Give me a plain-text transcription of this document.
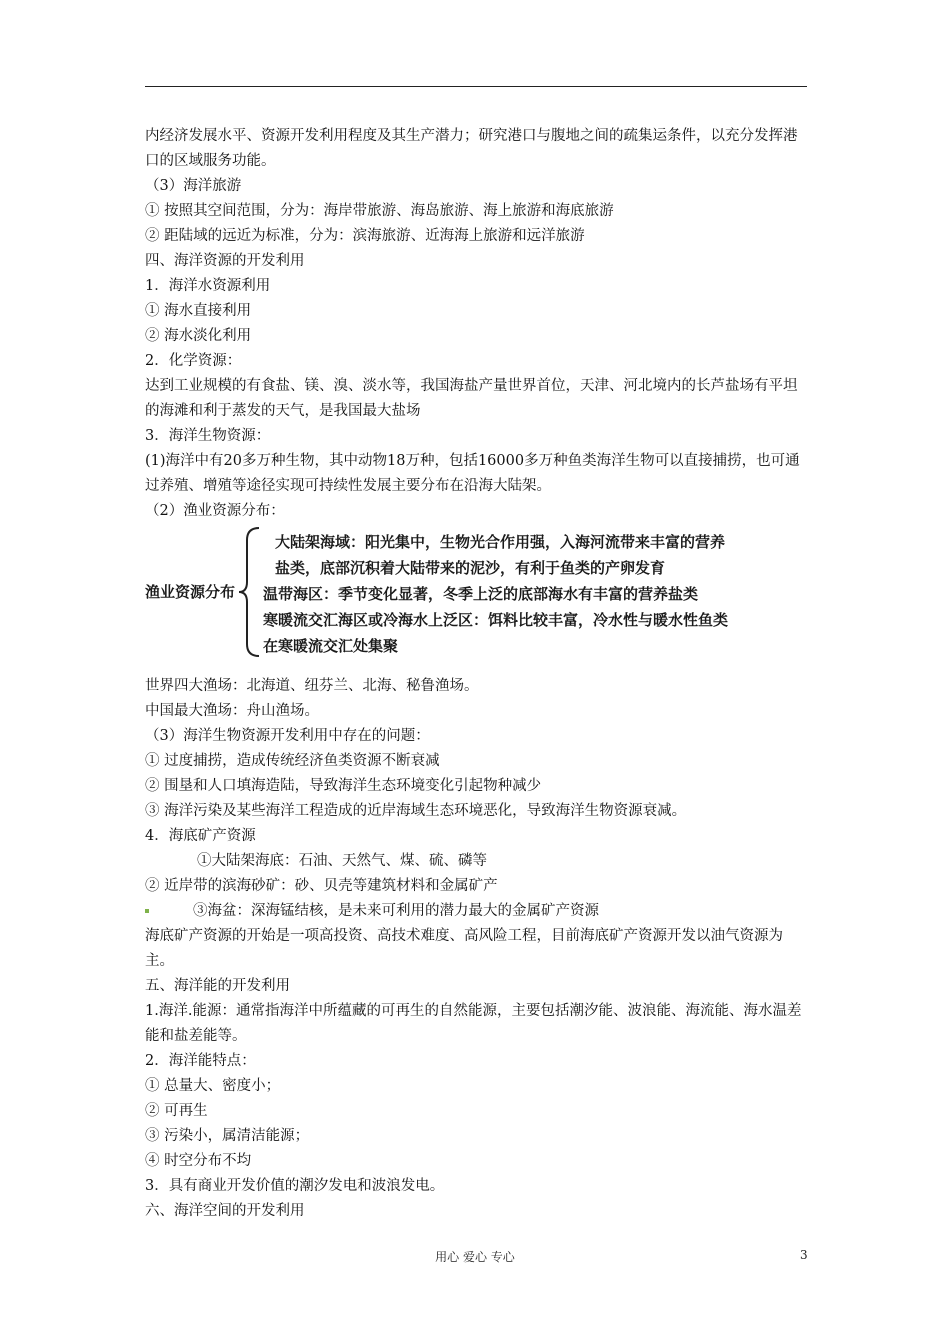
内经济发展水平、资源开发利用程度及其生产潜力；研究港口与腹地之间的疏集运条件，以充分发挥港口的区域服务功能。
（3）海洋旅游
① 按照其空间范围，分为：海岸带旅游、海岛旅游、海上旅游和海底旅游
② 距陆域的远近为标准，分为：滨海旅游、近海海上旅游和远洋旅游
四、海洋资源的开发利用
1．海洋水资源利用
① 海水直接利用
② 海水淡化利用
2．化学资源：
达到工业规模的有食盐、镁、溴、淡水等，我国海盐产量世界首位，天津、河北境内的长芦盐场有平坦的海滩和利于蒸发的天气，是我国最大盐场
3．海洋生物资源：
(1)海洋中有20多万种生物，其中动物18万种，包括16000多万种鱼类海洋生物可以直接捕捞，也可通过养殖、增殖等途径实现可持续性发展主要分布在沿海大陆架。
（2）渔业资源分布：
渔业资源分布
大陆架海域：阳光集中，生物光合作用强，入海河流带来丰富的营养
盐类，底部沉积着大陆带来的泥沙，有利于鱼类的产卵发育
温带海区：季节变化显著，冬季上泛的底部海水有丰富的营养盐类
寒暖流交汇海区或冷海水上泛区：饵料比较丰富，冷水性与暖水性鱼类
在寒暖流交汇处集聚
世界四大渔场：北海道、纽芬兰、北海、秘鲁渔场。
中国最大渔场：舟山渔场。
（3）海洋生物资源开发利用中存在的问题：
① 过度捕捞，造成传统经济鱼类资源不断衰减
② 围垦和人口填海造陆，导致海洋生态环境变化引起物种减少
③ 海洋污染及某些海洋工程造成的近岸海域生态环境恶化，导致海洋生物资源衰减。
4．海底矿产资源
①大陆架海底：石油、天然气、煤、硫、磷等
② 近岸带的滨海砂矿：砂、贝壳等建筑材料和金属矿产
③海盆：深海锰结核，是未来可利用的潜力最大的金属矿产资源
海底矿产资源的开始是一项高投资、高技术难度、高风险工程，目前海底矿产资源开发以油气资源为主。
五、海洋能的开发利用
1.海洋.能源：通常指海洋中所蕴藏的可再生的自然能源，主要包括潮汐能、波浪能、海流能、海水温差能和盐差能等。
2．海洋能特点：
① 总量大、密度小；
② 可再生
③ 污染小，属清洁能源；
④ 时空分布不均
3．具有商业开发价值的潮汐发电和波浪发电。
六、海洋空间的开发利用
用心 爱心 专心	3
